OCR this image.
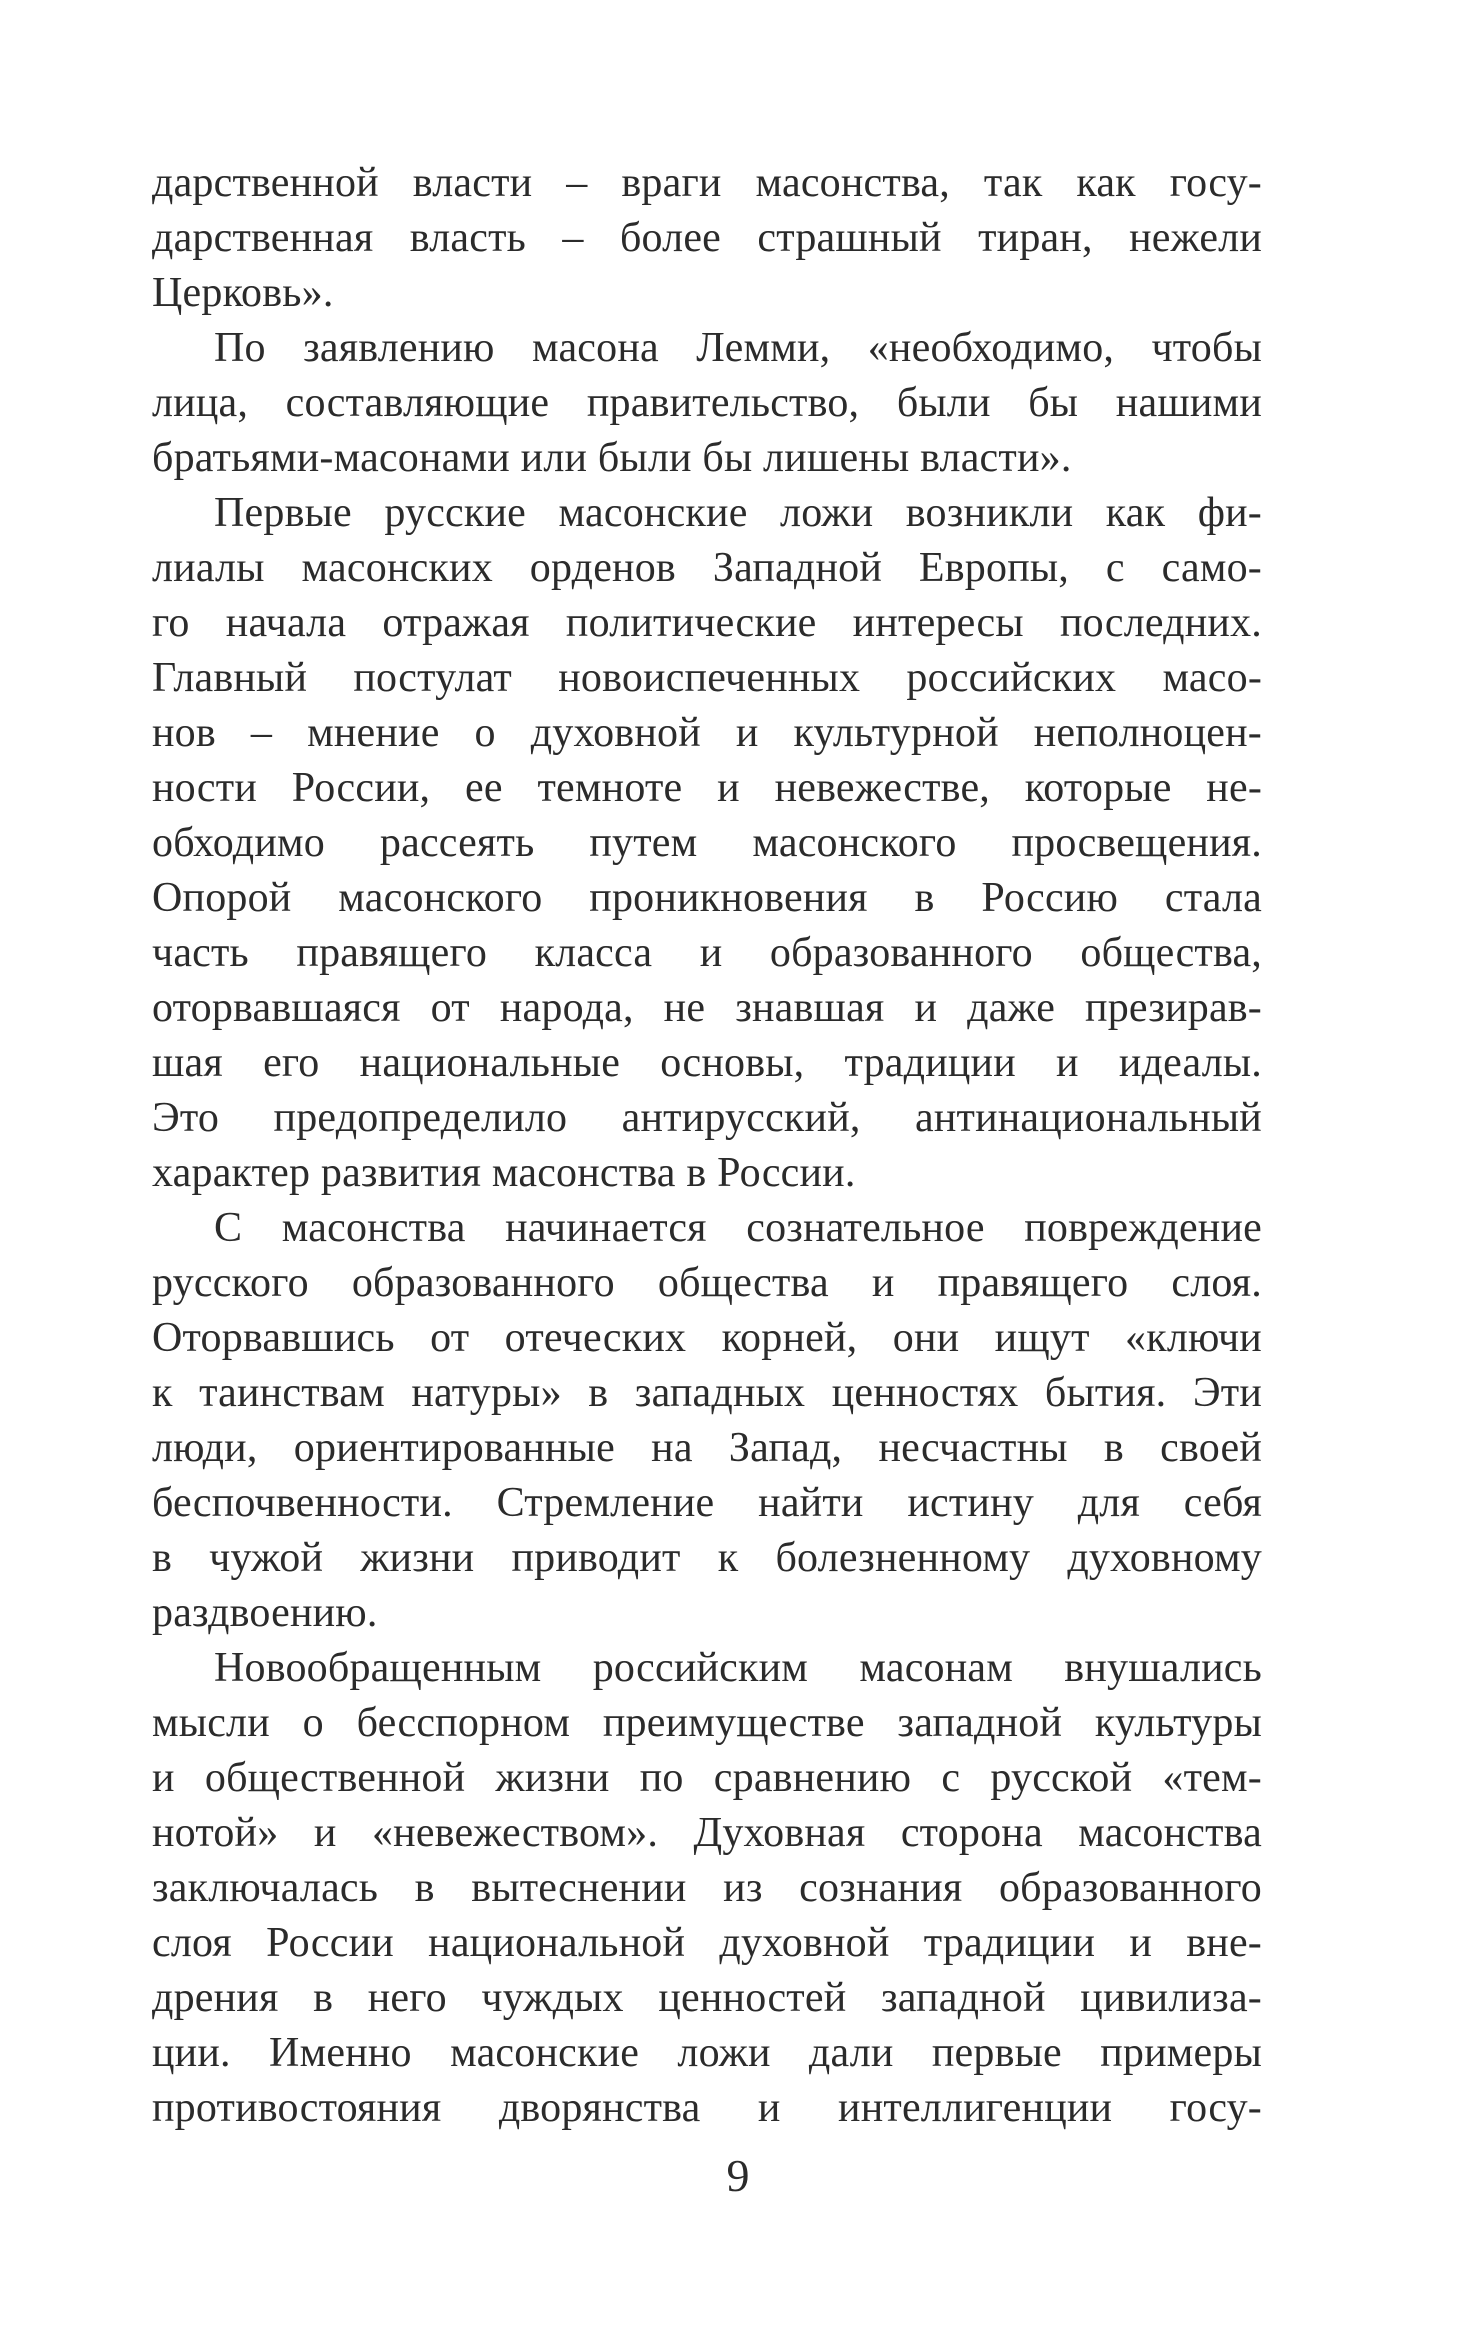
дарственной власти – враги масонства, так как госу-
дарственная власть – более страшный тиран, нежели
Церковь».
По заявлению масона Лемми, «необходимо, чтобы
лица, составляющие правительство, были бы нашими
братьями-масонами или были бы лишены власти».
Первые русские масонские ложи возникли как фи-
лиалы масонских орденов Западной Европы, с само-
го начала отражая политические интересы последних.
Главный постулат новоиспеченных российских масо-
нов – мнение о духовной и культурной неполноцен-
ности России, ее темноте и невежестве, которые не-
обходимо рассеять путем масонского просвещения.
Опорой масонского проникновения в Россию стала
часть правящего класса и образованного общества,
оторвавшаяся от народа, не знавшая и даже презирав-
шая его национальные основы, традиции и идеалы.
Это предопределило антирусский, антинациональный
характер развития масонства в России.
С масонства начинается сознательное повреждение
русского образованного общества и правящего слоя.
Оторвавшись от отеческих корней, они ищут «ключи
к таинствам натуры» в западных ценностях бытия. Эти
люди, ориентированные на Запад, несчастны в своей
беспочвенности. Стремление найти истину для себя
в чужой жизни приводит к болезненному духовному
раздвоению.
Новообращенным российским масонам внушались
мысли о бесспорном преимуществе западной культуры
и общественной жизни по сравнению с русской «тем-
нотой» и «невежеством». Духовная сторона масонства
заключалась в вытеснении из сознания образованного
слоя России национальной духовной традиции и вне-
дрения в него чуждых ценностей западной цивилиза-
ции. Именно масонские ложи дали первые примеры
противостояния дворянства и интеллигенции госу-
9
